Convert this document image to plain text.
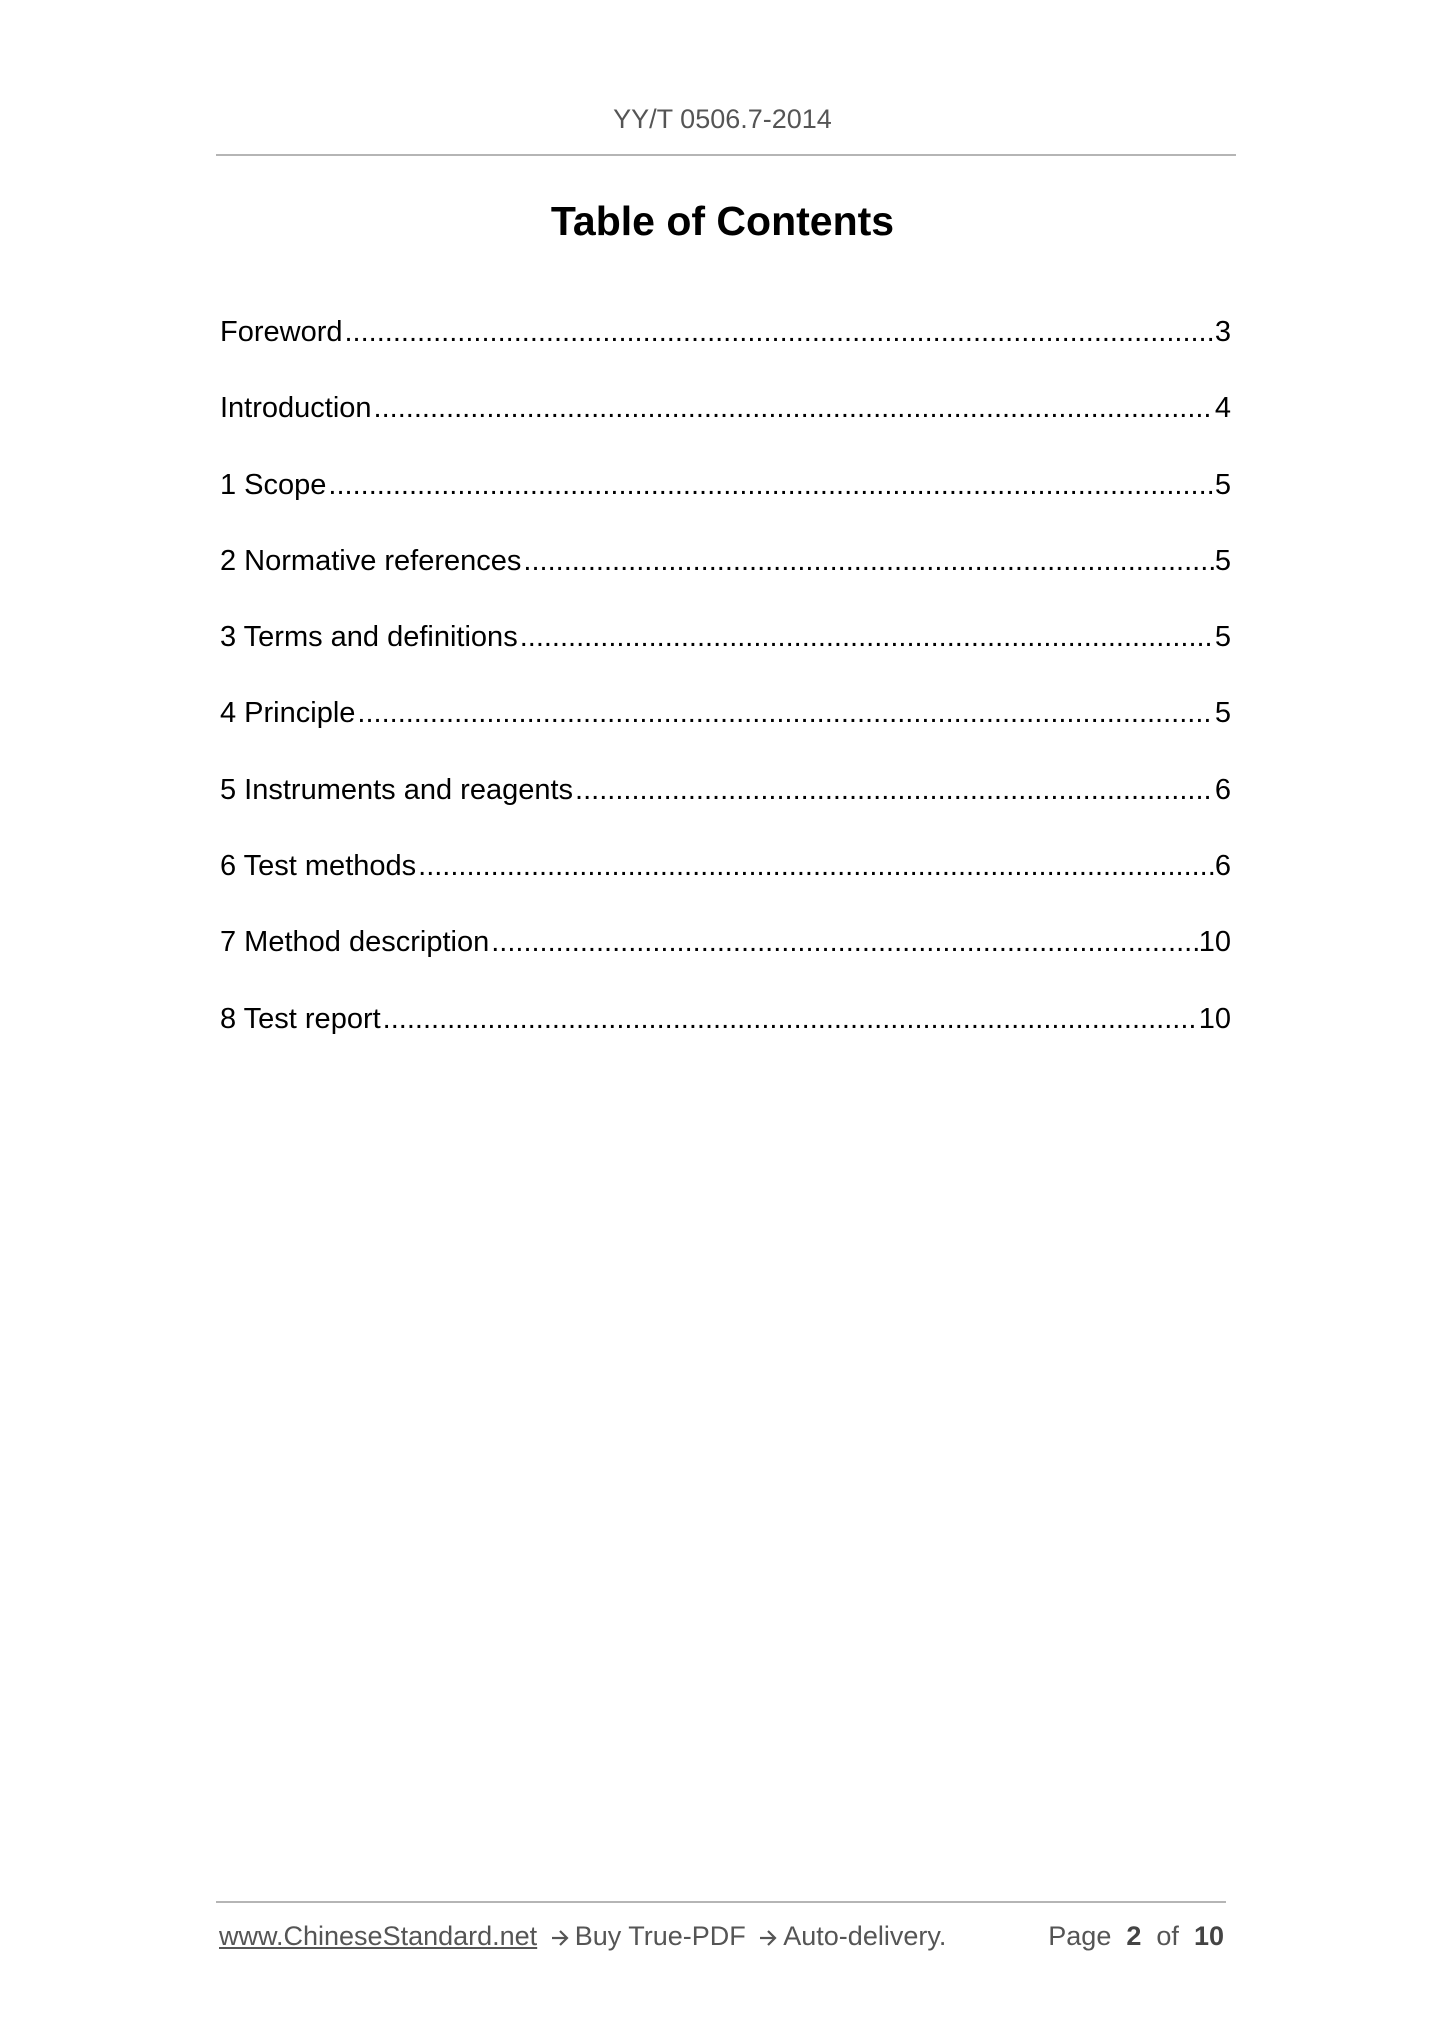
YY/T 0506.7-2014
Table of Contents
Foreword .....	3
Introduction .....	4
1 Scope .....	5
2 Normative references .....	5
3 Terms and definitions .....	5
4 Principle .....	5
5 Instruments and reagents .....	6
6 Test methods .....	6
7 Method description .....	10
8 Test report .....	10
www.ChineseStandard.net Buy True-PDF Auto-delivery.	Page 2 of 10
